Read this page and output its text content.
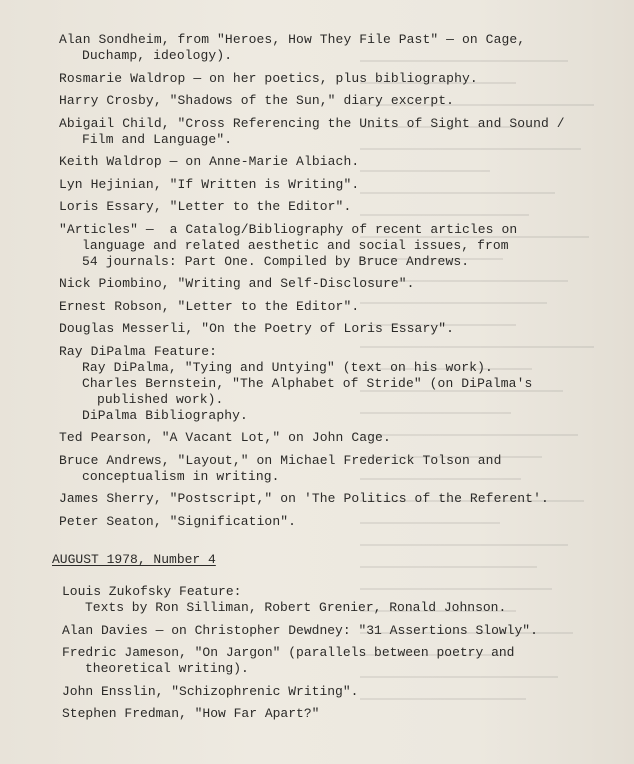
Alan Sondheim, from "Heroes, How They File Past" — on Cage,
Duchamp, ideology).
Rosmarie Waldrop — on her poetics, plus bibliography.
Harry Crosby, "Shadows of the Sun," diary excerpt.
Abigail Child, "Cross Referencing the Units of Sight and Sound /
Film and Language".
Keith Waldrop — on Anne-Marie Albiach.
Lyn Hejinian, "If Written is Writing".
Loris Essary, "Letter to the Editor".
"Articles" —  a Catalog/Bibliography of recent articles on
language and related aesthetic and social issues, from
54 journals: Part One. Compiled by Bruce Andrews.
Nick Piombino, "Writing and Self-Disclosure".
Ernest Robson, "Letter to the Editor".
Douglas Messerli, "On the Poetry of Loris Essary".
Ray DiPalma Feature:
Ray DiPalma, "Tying and Untying" (text on his work).
Charles Bernstein, "The Alphabet of Stride" (on DiPalma's
published work).
DiPalma Bibliography.
Ted Pearson, "A Vacant Lot," on John Cage.
Bruce Andrews, "Layout," on Michael Frederick Tolson and
conceptualism in writing.
James Sherry, "Postscript," on 'The Politics of the Referent'.
Peter Seaton, "Signification".
AUGUST 1978, Number 4
Louis Zukofsky Feature:
Texts by Ron Silliman, Robert Grenier, Ronald Johnson.
Alan Davies — on Christopher Dewdney: "31 Assertions Slowly".
Fredric Jameson, "On Jargon" (parallels between poetry and
theoretical writing).
John Ensslin, "Schizophrenic Writing".
Stephen Fredman, "How Far Apart?"
